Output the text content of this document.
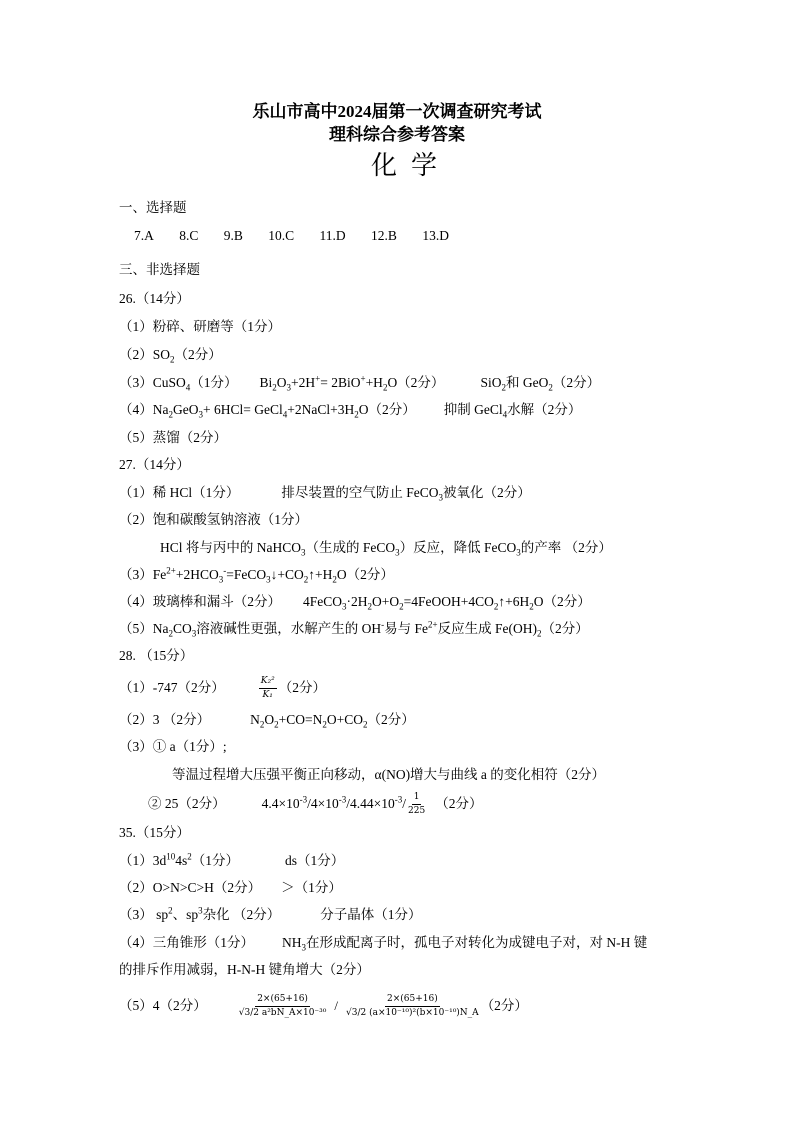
乐山市高中2024届第一次调查研究考试
理科综合参考答案
化学
一、选择题
7.A 8.C 9.B 10.C 11.D 12.B 13.D
三、非选择题
26.（14分）
（1）粉碎、研磨等（1分）
$(2)SO_2(2$分）
（3）CuSO$_4$（1分） $Bi_2O_3+2H^+= 2BiO^++H_2O(2$分）	SiO$_2$和 GeO$_2$（2分）
$(4)Na_2GeO_3+ 6HCl=$ $GeCl_4+2NaCl+3H_2O(2$分） 抑制 GeCl$_4$水解（2分）
（5）蒸馏（2分）
27.（14分）
（1）稀 HCl（1分）	排尽装置的空气防止 FeCO$_3$被氧化（2分）
（2）饱和碳酸氢钠溶液（1分）
HCl 将与丙中的 NaHCO$_3$（生成的 FeCO$_3$）反应，降低 FeCO$_3$的产率 （2分）
$(3)Fe^{2+}+2HCO_3^-=FeCO_3↓+CO_2↑+H_2O(2$分）
（4）玻璃棒和漏斗（2分） $4FeCO_3\cdot 2H_2O+O_2=4FeOOH+4CO_2↑+6H_2O(2$分）
$(5)Na_2CO_3$溶液碱性更强，水解产生的 OH-易与 $Fe^{2+}$反应生成 $Fe(OH)_2(2$分）
28. （15分）
（1）-747（2分）	$\frac{\text{K₂²}}{\text{K₁}} (2$分）
（2）3 （2分）	$N_2O_2+CO=N_2O+CO_2(2$分）
（3）① a（1分）;
等温过程增大压强平衡正向移动，α(NO)增大与曲线 a 的变化相符（2分）
② 25（2分）	$4.4\times 10^{-3}/4\times 10^{-3}/4.44\times 10^{-3}/ \frac{1}{225} (2$分）
35.（15分）
$(1)3d^{10}4s^2(1$分）	ds（1分）
（2）O>N>C>H（2分） ＞（1分）
（3） $sp^2$、$sp^3$杂化 （2分）	分子晶体（1分）
（4）三角锥形（1分） $NH_3$在形成配离子时，孤电子对转化为成键电子对，对 N-H 键
的排斥作用减弱，H-N-H 键角增大（2分）
（5）4（2分）	$\frac{2\times(65+16)}{\text{√3/2 a²bN\_A×10⁻³⁰}} / \frac{2\times(65+16)}{\text{√3/2 (a×10⁻¹⁰)²(b×10⁻¹⁰)N\_A}} (2$分）
